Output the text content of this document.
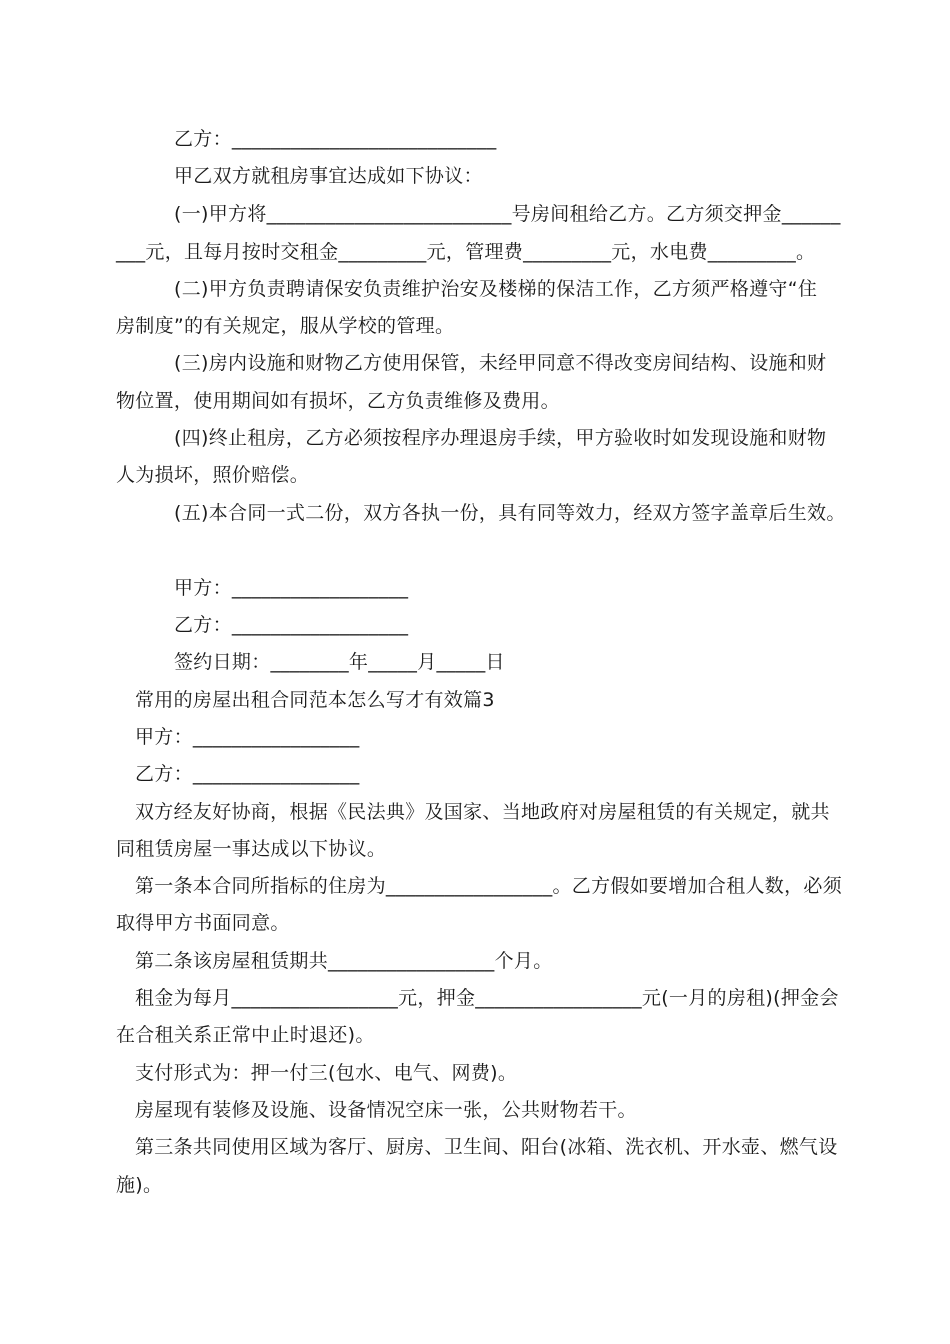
乙方：___________________________
甲乙双方就租房事宜达成如下协议：
(一)甲方将_________________________号房间租给乙方。乙方须交押金______
___元，且每月按时交租金_________元，管理费_________元，水电费_________。
(二)甲方负责聘请保安负责维护治安及楼梯的保洁工作，乙方须严格遵守“住
房制度”的有关规定，服从学校的管理。
(三)房内设施和财物乙方使用保管，未经甲同意不得改变房间结构、设施和财
物位置，使用期间如有损坏，乙方负责维修及费用。
(四)终止租房，乙方必须按程序办理退房手续，甲方验收时如发现设施和财物
人为损坏，照价赔偿。
(五)本合同一式二份，双方各执一份，具有同等效力，经双方签字盖章后生效。
甲方：__________________
乙方：__________________
签约日期：________年_____月_____日
常用的房屋出租合同范本怎么写才有效篇3
甲方：_________________
乙方：_________________
双方经友好协商，根据《民法典》及国家、当地政府对房屋租赁的有关规定，就共
同租赁房屋一事达成以下协议。
第一条本合同所指标的住房为_________________。乙方假如要增加合租人数，必须
取得甲方书面同意。
第二条该房屋租赁期共_________________个月。
租金为每月_________________元，押金_________________元(一月的房租)(押金会
在合租关系正常中止时退还)。
支付形式为：押一付三(包水、电气、网费)。
房屋现有装修及设施、设备情况空床一张，公共财物若干。
第三条共同使用区域为客厅、厨房、卫生间、阳台(冰箱、洗衣机、开水壶、燃气设
施)。
